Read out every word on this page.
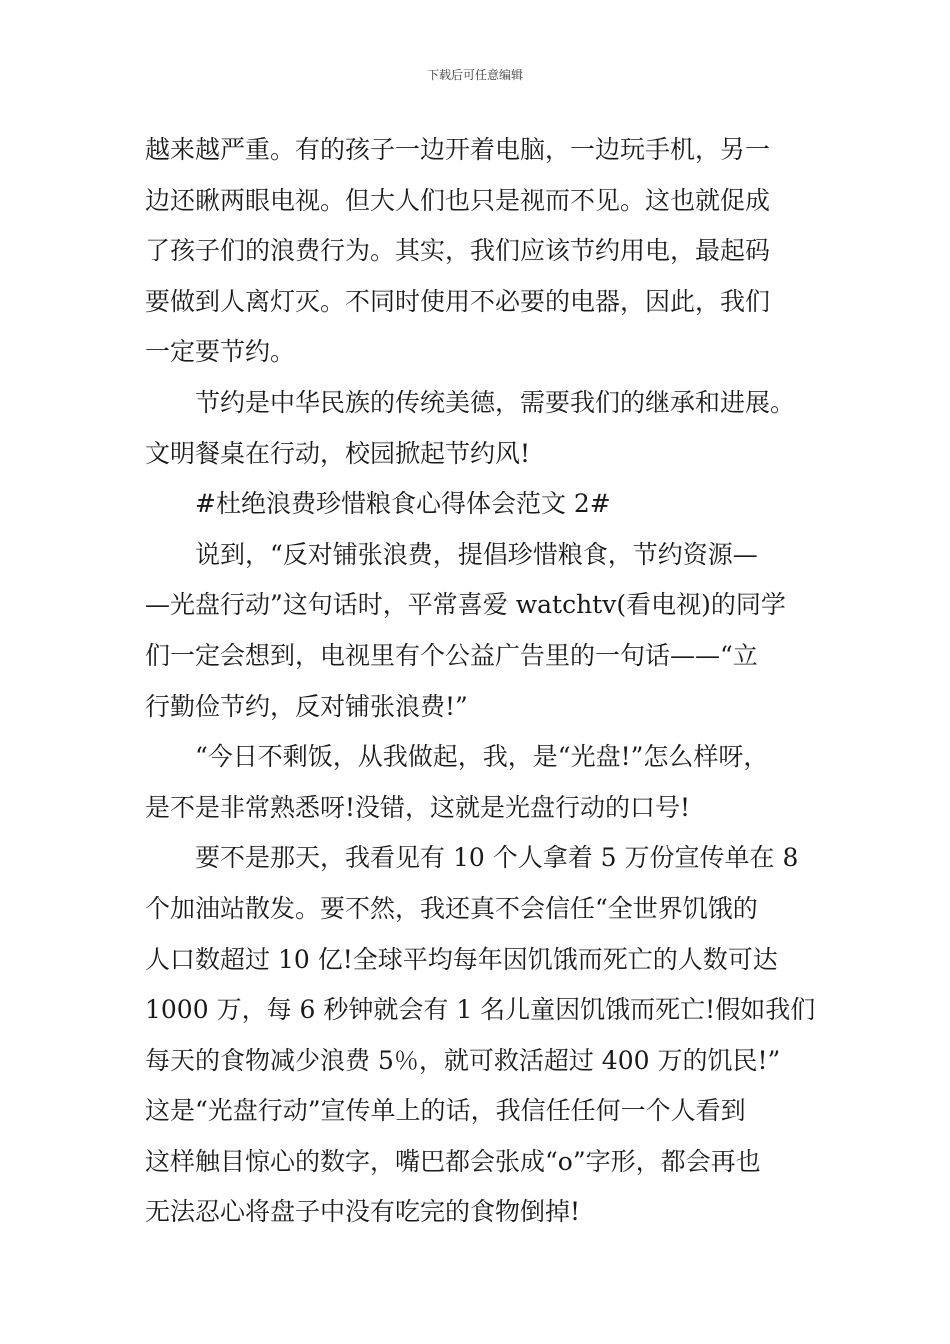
下载后可任意编辑
越来越严重。有的孩子一边开着电脑，一边玩手机，另一
边还瞅两眼电视。但大人们也只是视而不见。这也就促成
了孩子们的浪费行为。其实，我们应该节约用电，最起码
要做到人离灯灭。不同时使用不必要的电器，因此，我们
一定要节约。
节约是中华民族的传统美德，需要我们的继承和进展。
文明餐桌在行动，校园掀起节约风!
#杜绝浪费珍惜粮食心得体会范文 2#
说到，“反对铺张浪费，提倡珍惜粮食，节约资源—
—光盘行动”这句话时，平常喜爱 watchtv(看电视)的同学
们一定会想到，电视里有个公益广告里的一句话——“立
行勤俭节约，反对铺张浪费!”
“今日不剩饭，从我做起，我，是“光盘!”怎么样呀，
是不是非常熟悉呀!没错，这就是光盘行动的口号!
要不是那天，我看见有 10 个人拿着 5 万份宣传单在 8
个加油站散发。要不然，我还真不会信任“全世界饥饿的
人口数超过 10 亿!全球平均每年因饥饿而死亡的人数可达
1000 万，每 6 秒钟就会有 1 名儿童因饥饿而死亡!假如我们
每天的食物减少浪费 5％，就可救活超过 400 万的饥民!”
这是“光盘行动”宣传单上的话，我信任任何一个人看到
这样触目惊心的数字，嘴巴都会张成“o”字形，都会再也
无法忍心将盘子中没有吃完的食物倒掉!
